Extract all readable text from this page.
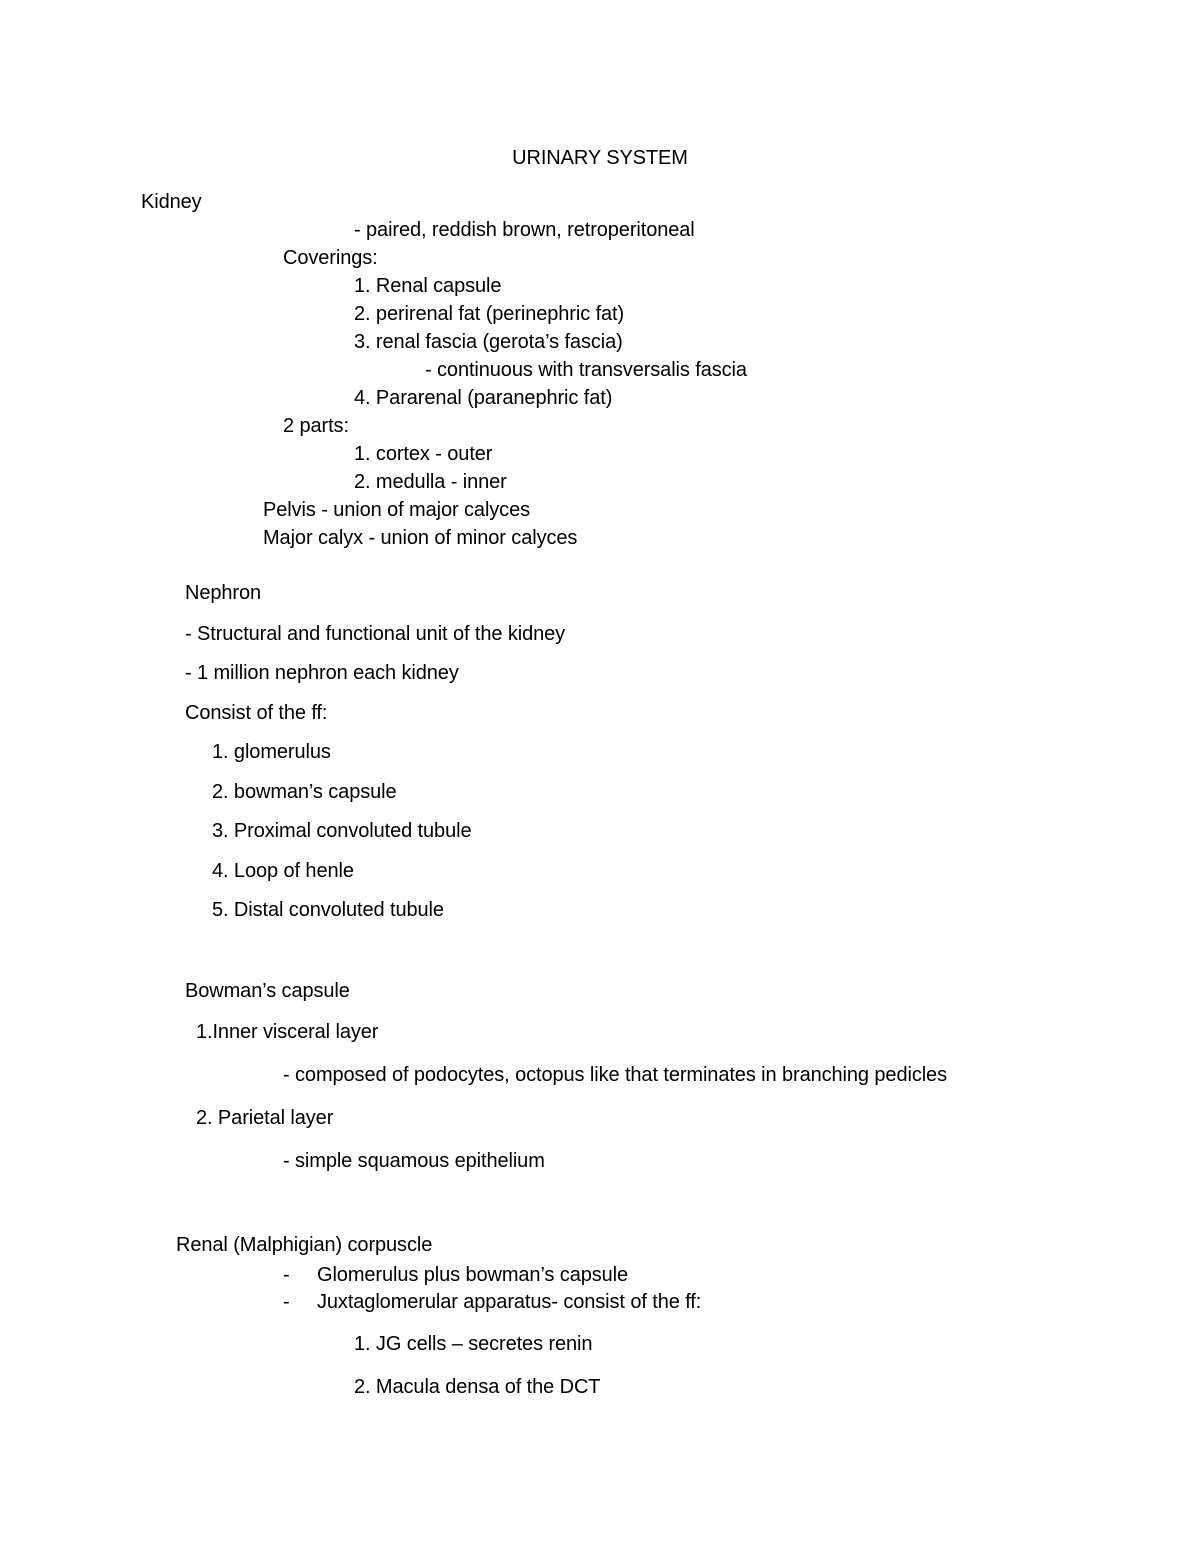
URINARY SYSTEM
Kidney
- paired, reddish brown, retroperitoneal
Coverings:
1. Renal capsule
2. perirenal fat (perinephric fat)
3. renal fascia (gerota’s fascia)
- continuous with transversalis fascia
4. Pararenal (paranephric fat)
2 parts:
1. cortex - outer
2. medulla - inner
Pelvis - union of major calyces
Major calyx - union of minor calyces
Nephron
- Structural and functional unit of the kidney
- 1 million nephron each kidney
Consist of the ff:
1. glomerulus
2. bowman’s capsule
3. Proximal convoluted tubule
4. Loop of henle
5. Distal convoluted tubule
Bowman’s capsule
1.Inner visceral layer
- composed of podocytes, octopus like that terminates in branching pedicles
2. Parietal layer
- simple squamous epithelium
Renal (Malphigian) corpuscle
- Glomerulus plus bowman’s capsule
- Juxtaglomerular apparatus- consist of the ff:
1. JG cells – secretes renin
2. Macula densa of the DCT
